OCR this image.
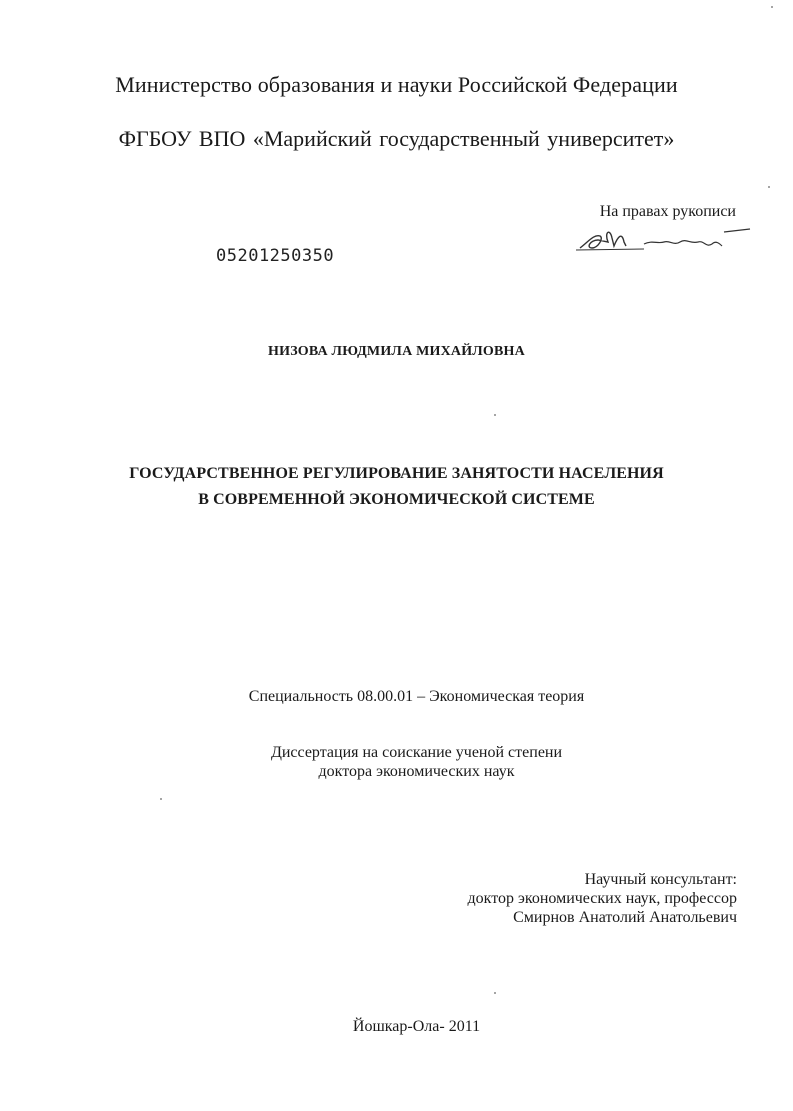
Министерство образования и науки Российской Федерации
ФГБОУ ВПО «Марийский государственный университет»
На правах рукописи
05201250350
НИЗОВА ЛЮДМИЛА МИХАЙЛОВНА
ГОСУДАРСТВЕННОЕ РЕГУЛИРОВАНИЕ ЗАНЯТОСТИ НАСЕЛЕНИЯ
В СОВРЕМЕННОЙ ЭКОНОМИЧЕСКОЙ СИСТЕМЕ
Специальность 08.00.01 – Экономическая теория
Диссертация на соискание ученой степени
доктора экономических наук
Научный консультант:
доктор экономических наук, профессор
Смирнов Анатолий Анатольевич
Йошкар-Ола- 2011
